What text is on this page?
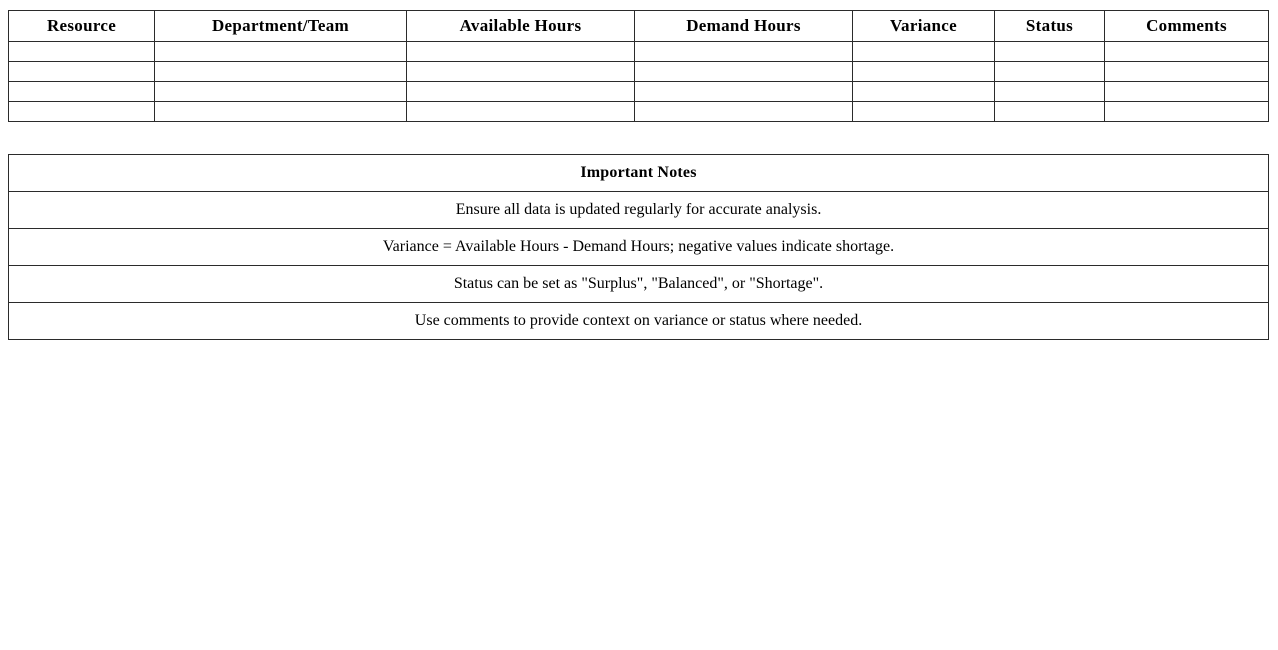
Resource	Department/Team	Available Hours	Demand Hours	Variance	Status	Comments

Important Notes
Ensure all data is updated regularly for accurate analysis.
Variance = Available Hours - Demand Hours; negative values indicate shortage.
Status can be set as "Surplus", "Balanced", or "Shortage".
Use comments to provide context on variance or status where needed.
